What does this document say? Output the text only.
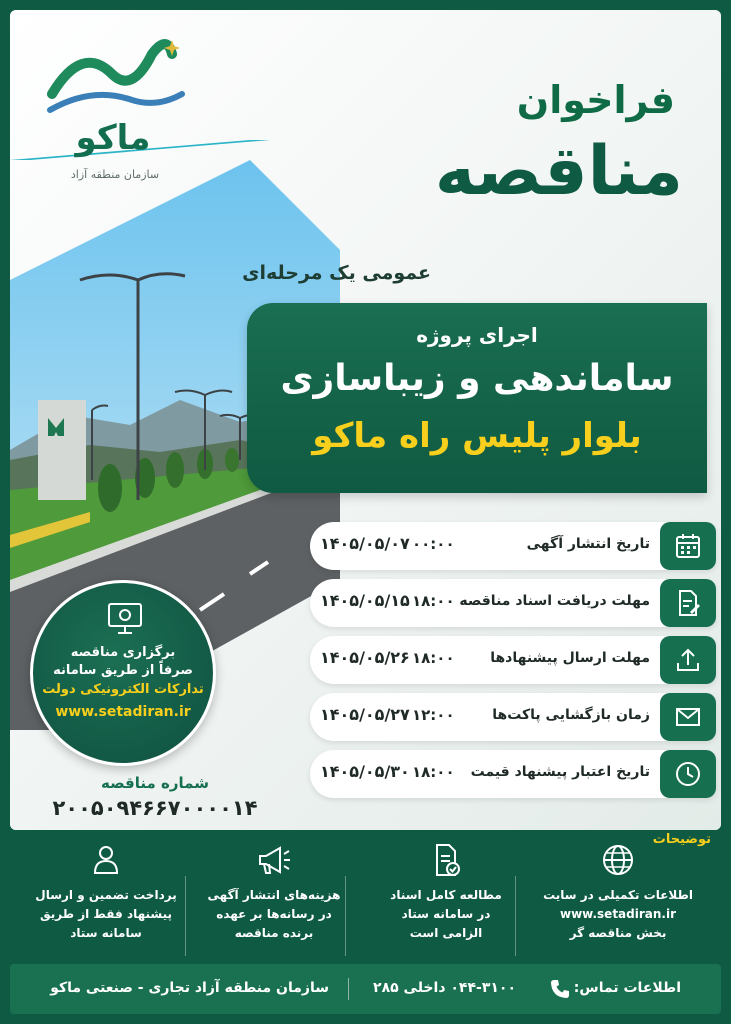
ماکو
سازمان منطقه آزاد
فراخوان
مناقصه
عمومی یک مرحله‌ای
اجرای پروژه
ساماندهی و زیباسازی
بلوار پلیس راه ماکو
تاریخ انتشار آگهی
۰۰:۰۰
۱۴۰۵/۰۵/۰۷
مهلت دریافت اسناد مناقصه
۱۸:۰۰
۱۴۰۵/۰۵/۱۵
مهلت ارسال پیشنهادها
۱۸:۰۰
۱۴۰۵/۰۵/۲۶
زمان بازگشایی پاکت‌ها
۱۲:۰۰
۱۴۰۵/۰۵/۲۷
تاریخ اعتبار پیشنهاد قیمت
۱۸:۰۰
۱۴۰۵/۰۵/۳۰
شماره مناقصه
۲۰۰۵۰۹۴۶۶۷۰۰۰۰۱۴
برگزاری مناقصه
صرفاً از طریق سامانه
تدارکات الکترونیکی دولت
www.setadiran.ir
توضیحات
اطلاعات تکمیلی در سایت
www.setadiran.ir
بخش مناقصه گر
مطالعه کامل اسناد
در سامانه ستاد
الزامی است
هزینه‌های انتشار آگهی
در رسانه‌ها بر عهده
برنده مناقصه
پرداخت تضمین و ارسال
پیشنهاد فقط از طریق
سامانه ستاد
اطلاعات تماس:
۰۴۴-۳۱۰۰ داخلی ۲۸۵
سازمان منطقه آزاد تجاری - صنعتی ماکو
